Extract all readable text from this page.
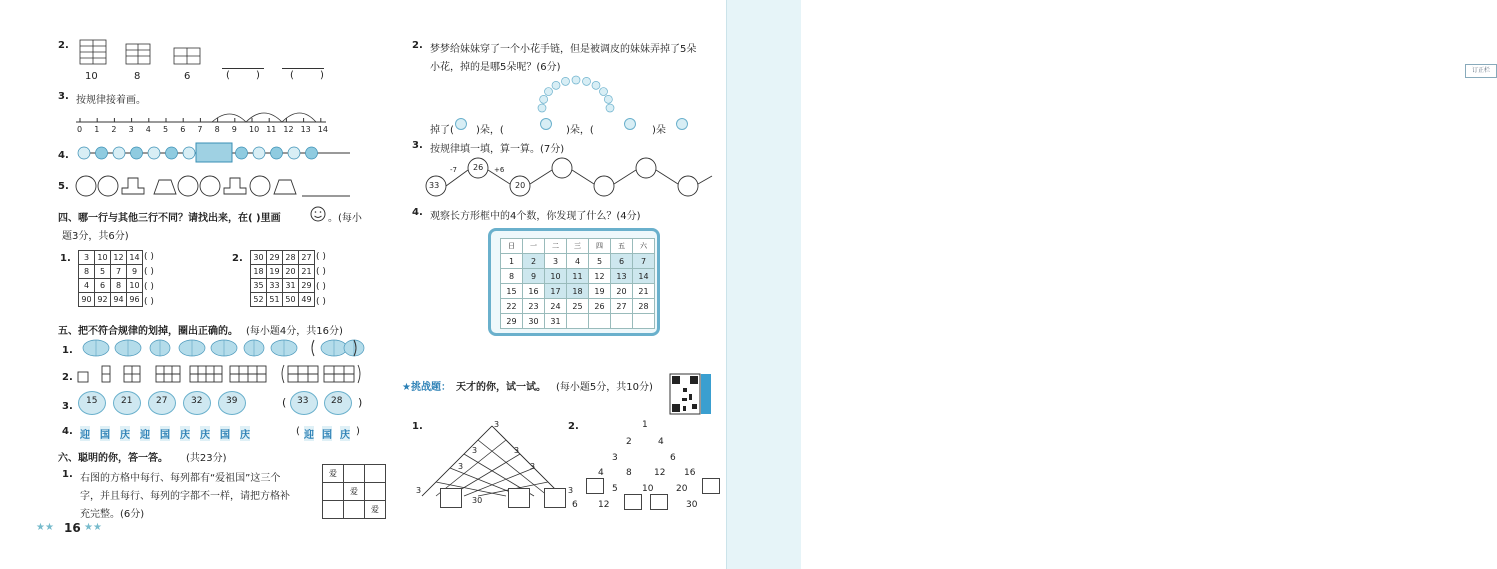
订正栏
2.
10	8	6	(	)	(	)
3. 按规律接着画。
4.
5.
四、哪一行与其他三行不同？请找出来，在( )里画	。(每小
题3分，共6分)
1. 3	10	12	14
8	5	7	9
4	6	8	10
90	92	94	96
2. 30	29	28	27
18	19	20	21
35	33	31	29
52	51	50	49
五、把不符合规律的划掉，圈出正确的。 (每小题4分，共16分)
1.
2.
3.
4.
六、聪明的你，答一答。 (共23分)
1. 右图的方格中每行、每列都有“爱祖国”这三个
字，并且每行、每列的字都不一样，请把方格补
充完整。(6分)
爱		
	爱	
		爱
★★ 16 ★★
2. 梦梦给妹妹穿了一个小花手链，但是被调皮的妹妹弄掉了5朵
小花，掉的是哪5朵呢？(6分)
掉了( )朵，(	)朵，(	)朵
3. 按规律填一填，算一算。(7分)
33
26
20
-7	+6
4. 观察长方形框中的4个数，你发现了什么？(4分)
日	一	二	三	四	五	六
1	2	3	4	5	6	7
8	9	10	11	12	13	14
15	16	17	18	19	20	21
22	23	24	25	26	27	28
29	30	31				
★挑战题： 天才的你，试一试。 (每小题5分，共10分)
1.	2.
0 1 2 3 4 5 6 7 8 9 10 11 12 13 14
( )	( )
( )	( )
( )	( )
( )	( )
15	21	27	32	39	( 33	28 )
迎 国 庆 迎 国 庆 庆 国 庆	( 迎 国 庆 )
3
3	3
3	3
30
3	3
1
2	4
3	6
4 8 12 16
5	10	20
6 12	30
